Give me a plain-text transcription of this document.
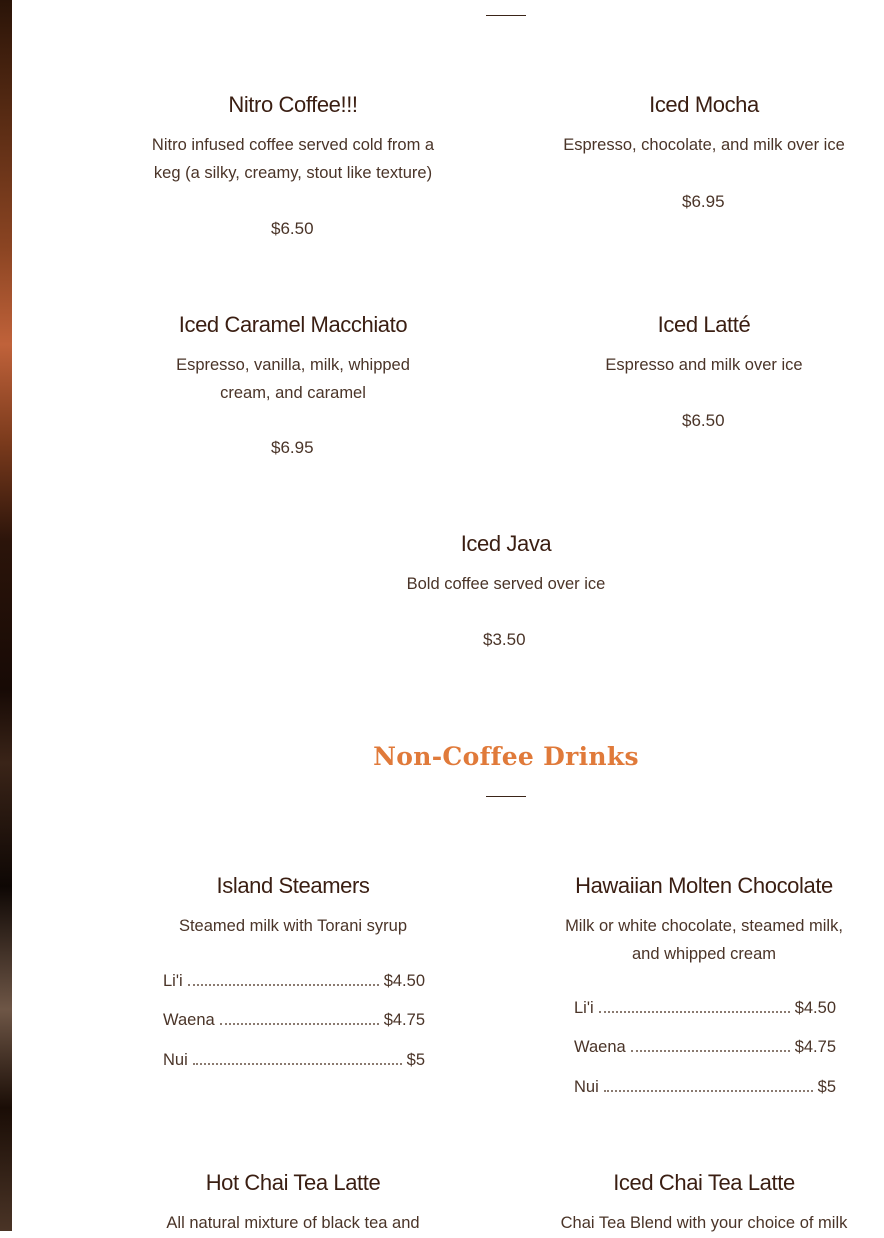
Nitro Coffee!!!
Nitro infused coffee served cold from a
keg (a silky, creamy, stout like texture)
$6.50
Iced Mocha
Espresso, chocolate, and milk over ice
$6.95
Iced Caramel Macchiato
Espresso, vanilla, milk, whipped
cream, and caramel
$6.95
Iced Latté
Espresso and milk over ice
$6.50
Iced Java
Bold coffee served over ice
$3.50
Non-Coffee Drinks
Island Steamers
Steamed milk with Torani syrup
Li'i	$4.50
Waena	$4.75
Nui	$5
Hawaiian Molten Chocolate
Milk or white chocolate, steamed milk,
and whipped cream
Li'i	$4.50
Waena	$4.75
Nui	$5
Hot Chai Tea Latte
All natural mixture of black tea and
Iced Chai Tea Latte
Chai Tea Blend with your choice of milk
